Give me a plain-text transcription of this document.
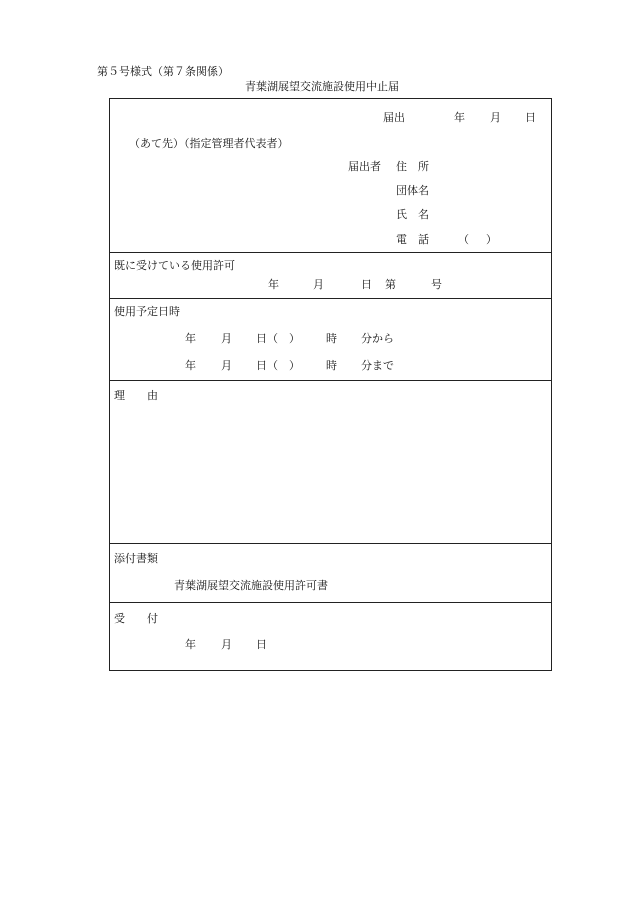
第５号様式（第７条関係）
青葉湖展望交流施設使用中止届
届出	年 月 日
（あて先）（指定管理者代表者）
届出者 住　所
団体名
氏　名
電　話	（ ）
既に受けている使用許可
年	月	日 第	号
使用予定日時
年 月 日（　） 時 分から
年 月 日（　） 時 分まで
理　　由
添付書類
青葉湖展望交流施設使用許可書
受　　付
年 月 日
